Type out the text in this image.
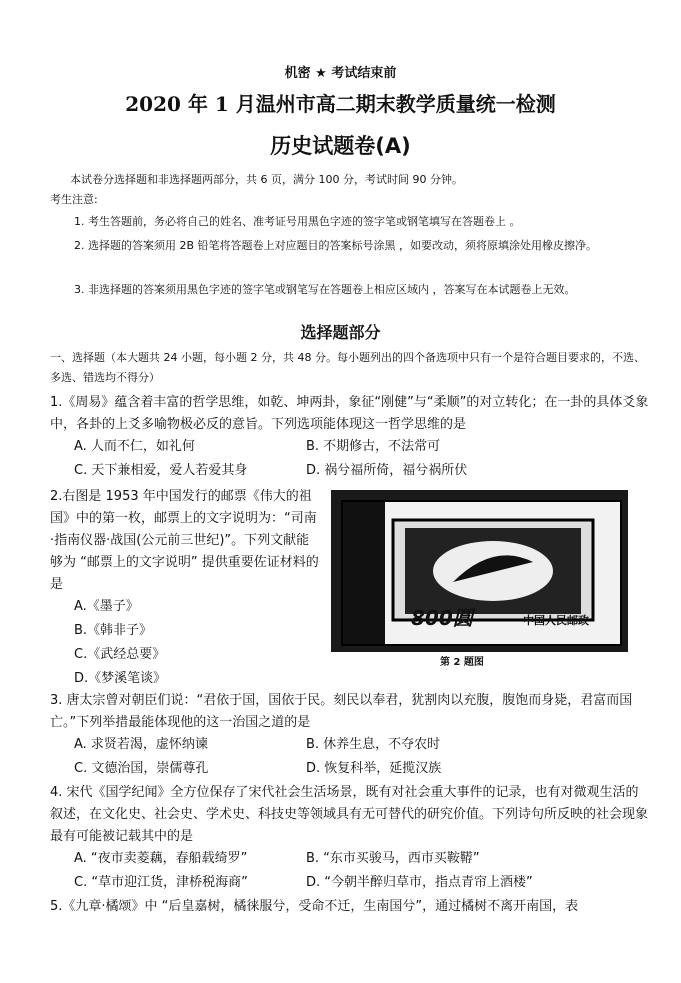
机密 ★ 考试结束前
2020 年 1 月温州市高二期末教学质量统一检测
历史试题卷(A)
本试卷分选择题和非选择题两部分，共 6 页，满分 100 分，考试时间 90 分钟。
考生注意:
1. 考生答题前，务必将自己的姓名、准考证号用黑色字迹的签字笔或钢笔填写在答题卷上 。
2. 选择题的答案须用 2B 铅笔将答题卷上对应题目的答案标号涂黑 ，如要改动，须将原填涂处用橡皮擦净。
3. 非选择题的答案须用黑色字迹的签字笔或钢笔写在答题卷上相应区域内 ，答案写在本试题卷上无效。
选择题部分
一、选择题（本大题共 24 小题，每小题 2 分，共 48 分。每小题列出的四个备选项中只有一个是符合题目要求的，不选、多选、错选均不得分）
1.《周易》蕴含着丰富的哲学思维，如乾、坤两卦，象征“刚健”与“柔顺”的对立转化；在一卦的具体爻象中，各卦的上爻多喻物极必反的意旨。下列选项能体现这一哲学思维的是
A. 人而不仁，如礼何	B. 不期修古，不法常可
C. 天下兼相爱，爱人若爱其身	D. 祸兮福所倚，福兮祸所伏
2.右图是 1953 年中国发行的邮票《伟大的祖国》中的第一枚，邮票上的文字说明为：“司南·指南仪器·战国(公元前三世纪)”。下列文献能够为 “邮票上的文字说明” 提供重要佐证材料的是
A.《墨子》
B.《韩非子》
C.《武经总要》
D.《梦溪笔谈》
800圓	中国人民邮政
第 2 题图
3. 唐太宗曾对朝臣们说：“君依于国，国依于民。刻民以奉君，犹割肉以充腹，腹饱而身毙，君富而国亡。”下列举措最能体现他的这一治国之道的是
A. 求贤若渴，虚怀纳谏	B. 休养生息，不夺农时
C. 文德治国，崇儒尊孔	D. 恢复科举，延揽汉族
4. 宋代《国学纪闻》全方位保存了宋代社会生活场景，既有对社会重大事件的记录，也有对微观生活的叙述，在文化史、社会史、学术史、科技史等领域具有无可替代的研究价值。下列诗句所反映的社会现象最有可能被记载其中的是
A. “夜市卖菱藕，春船载绮罗”	B. “东市买骏马，西市买鞍鞯”
C. “草市迎江货，津桥税海商”	D. “今朝半醉归草市，指点青帘上酒楼”
5.《九章·橘颂》中 “后皇嘉树，橘徕服兮，受命不迁，生南国兮”，通过橘树不离开南国，表
